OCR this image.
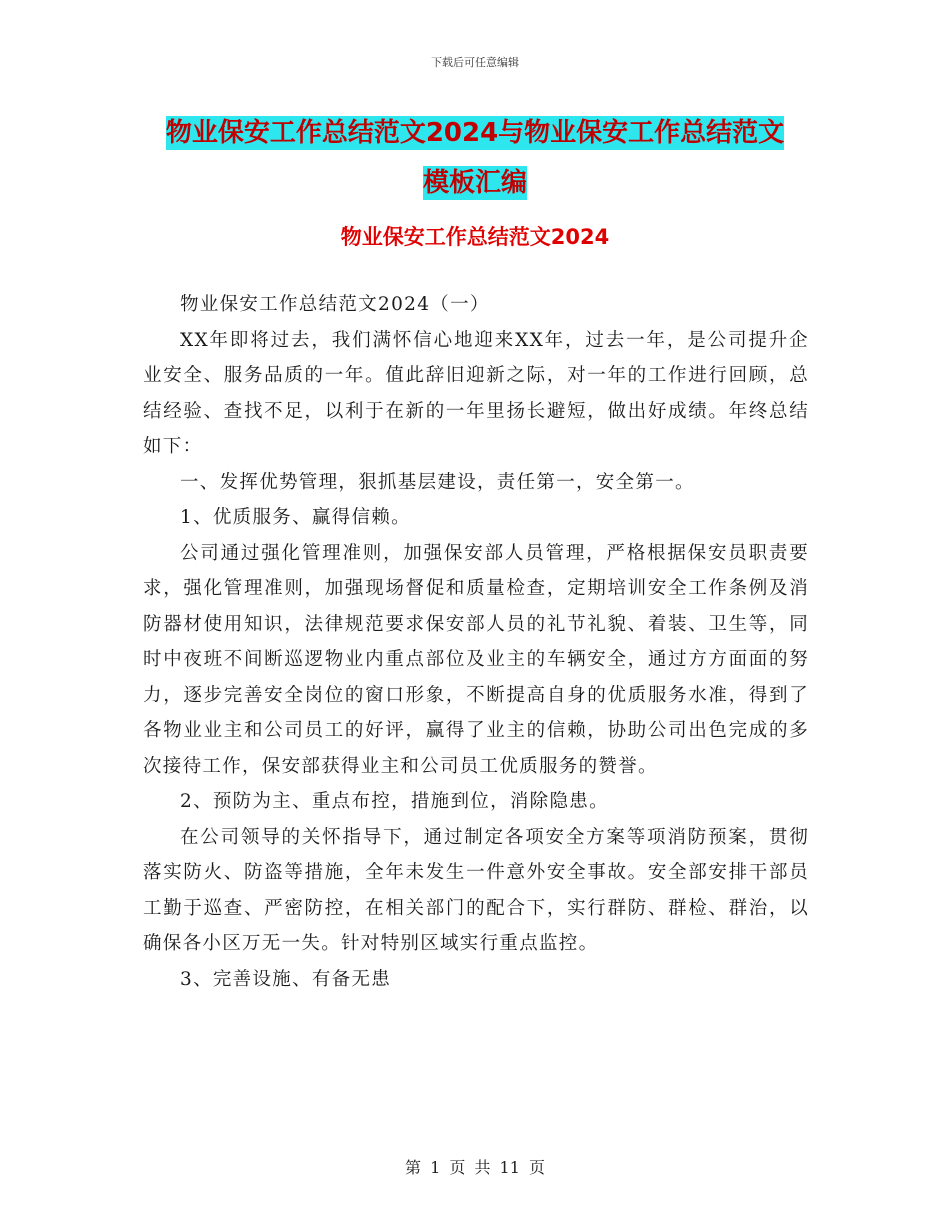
下载后可任意编辑
物业保安工作总结范文2024与物业保安工作总结范文
模板汇编
物业保安工作总结范文2024

物业保安工作总结范文2024（一）

XX年即将过去，我们满怀信心地迎来XX年，过去一年，是公司提升企业安全、服务品质的一年。值此辞旧迎新之际，对一年的工作进行回顾，总结经验、查找不足，以利于在新的一年里扬长避短，做出好成绩。年终总结如下：

一、发挥优势管理，狠抓基层建设，责任第一，安全第一。

1、优质服务、赢得信赖。

公司通过强化管理准则，加强保安部人员管理，严格根据保安员职责要求，强化管理准则，加强现场督促和质量检查，定期培训安全工作条例及消防器材使用知识，法律规范要求保安部人员的礼节礼貌、着装、卫生等，同时中夜班不间断巡逻物业内重点部位及业主的车辆安全，通过方方面面的努力，逐步完善安全岗位的窗口形象，不断提高自身的优质服务水准，得到了各物业业主和公司员工的好评，赢得了业主的信赖，协助公司出色完成的多次接待工作，保安部获得业主和公司员工优质服务的赞誉。

2、预防为主、重点布控，措施到位，消除隐患。

在公司领导的关怀指导下，通过制定各项安全方案等项消防预案，贯彻落实防火、防盗等措施，全年未发生一件意外安全事故。安全部安排干部员工勤于巡查、严密防控，在相关部门的配合下，实行群防、群检、群治，以确保各小区万无一失。针对特别区域实行重点监控。

3、完善设施、有备无患

第 1 页 共 11 页
